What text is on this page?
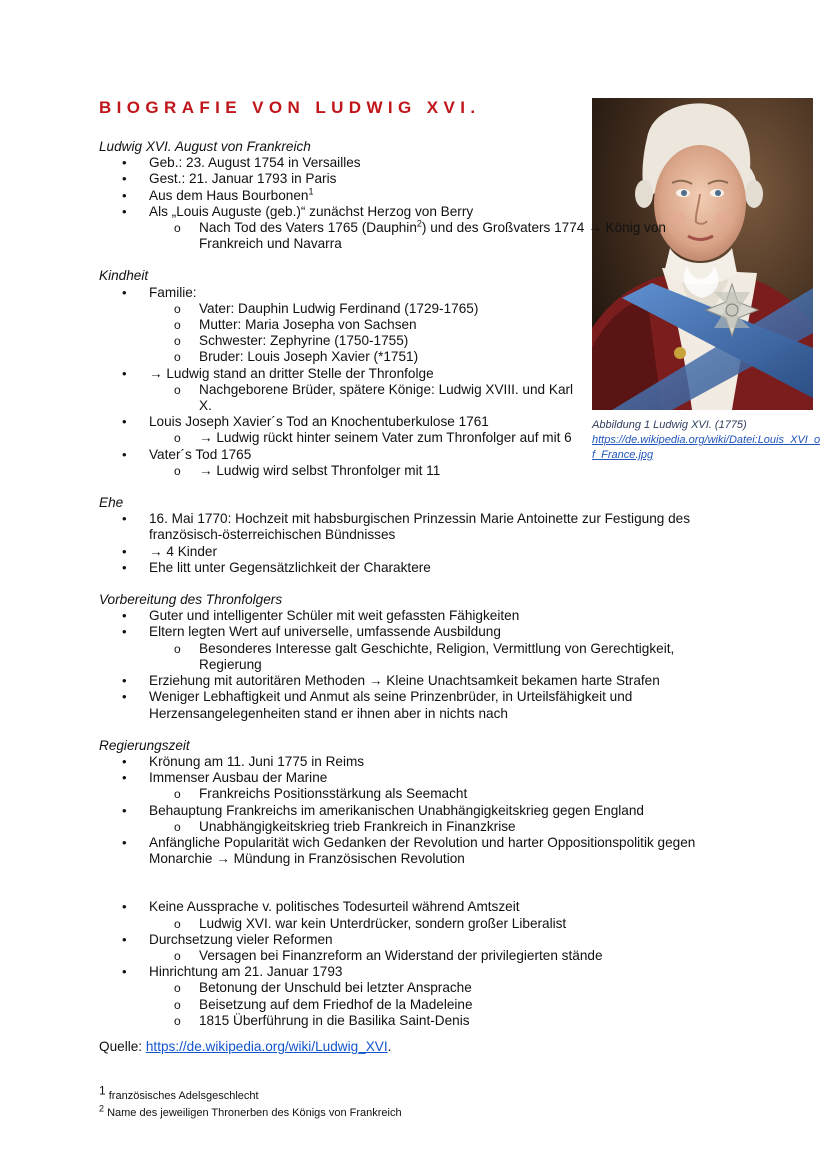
BIOGRAFIE VON LUDWIG XVI.
Abbildung 1 Ludwig XVI. (1775)
https://de.wikipedia.org/wiki/Datei:Louis_XVI_of_France.jpg

Ludwig XVI. August von Frankreich

• Geb.: 23. August 1754 in Versailles
• Gest.: 21. Januar 1793 in Paris
• Aus dem Haus Bourbonen$^1$
• Als „Louis Auguste (geb.)“ zunächst Herzog von Berry
o Nach Tod des Vaters 1765 (Dauphin$^2$) und des Großvaters 1774 → König von Frankreich und Navarra

Kindheit

• Familie:
o Vater: Dauphin Ludwig Ferdinand (1729-1765)
o Mutter: Maria Josepha von Sachsen
o Schwester: Zephyrine (1750-1755)
o Bruder: Louis Joseph Xavier (*1751)
• → Ludwig stand an dritter Stelle der Thronfolge
o Nachgeborene Brüder, spätere Könige: Ludwig XVIII. und Karl X.
• Louis Joseph Xavier´s Tod an Knochentuberkulose 1761
o → Ludwig rückt hinter seinem Vater zum Thronfolger auf mit 6
• Vater´s Tod 1765
o → Ludwig wird selbst Thronfolger mit 11

Ehe

• 16. Mai 1770: Hochzeit mit habsburgischen Prinzessin Marie Antoinette zur Festigung des französisch-österreichischen Bündnisses
• → 4 Kinder
• Ehe litt unter Gegensätzlichkeit der Charaktere

Vorbereitung des Thronfolgers

• Guter und intelligenter Schüler mit weit gefassten Fähigkeiten
• Eltern legten Wert auf universelle, umfassende Ausbildung
o Besonderes Interesse galt Geschichte, Religion, Vermittlung von Gerechtigkeit, Regierung
• Erziehung mit autoritären Methoden → Kleine Unachtsamkeit bekamen harte Strafen
• Weniger Lebhaftigkeit und Anmut als seine Prinzenbrüder, in Urteilsfähigkeit und Herzensangelegenheiten stand er ihnen aber in nichts nach

Regierungszeit

• Krönung am 11. Juni 1775 in Reims
• Immenser Ausbau der Marine
o Frankreichs Positionsstärkung als Seemacht
• Behauptung Frankreichs im amerikanischen Unabhängigkeitskrieg gegen England
o Unabhängigkeitskrieg trieb Frankreich in Finanzkrise
• Anfängliche Popularität wich Gedanken der Revolution und harter Oppositionspolitik gegen Monarchie → Mündung in Französischen Revolution
• Keine Aussprache v. politisches Todesurteil während Amtszeit
o Ludwig XVI. war kein Unterdrücker, sondern großer Liberalist
• Durchsetzung vieler Reformen
o Versagen bei Finanzreform an Widerstand der privilegierten stände
• Hinrichtung am 21. Januar 1793
o Betonung der Unschuld bei letzter Ansprache
o Beisetzung auf dem Friedhof de la Madeleine
o 1815 Überführung in die Basilika Saint-Denis

Quelle: https://de.wikipedia.org/wiki/Ludwig_XVI.

$^1$ französisches Adelsgeschlecht
$^2$ Name des jeweiligen Thronerben des Königs von Frankreich
